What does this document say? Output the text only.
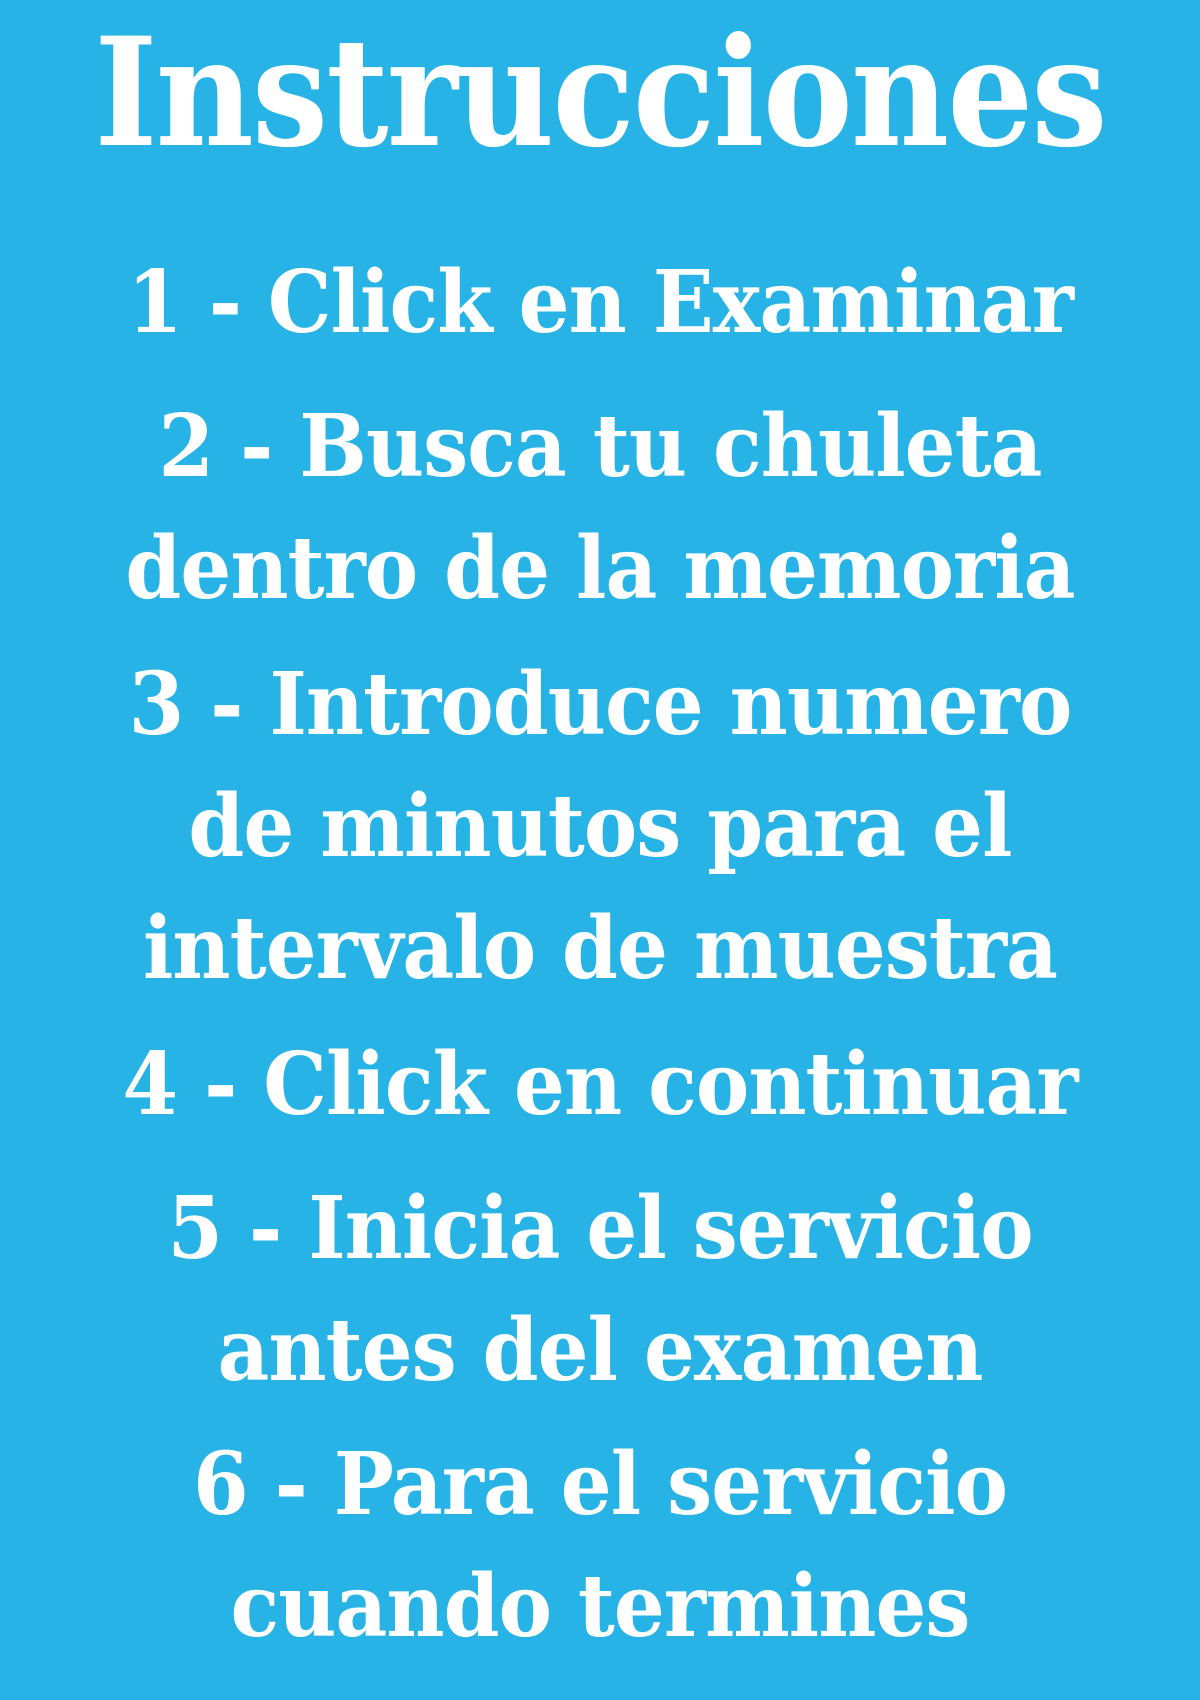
Instrucciones
1 - Click en Examinar
2 - Busca tu chuleta
dentro de la memoria
3 - Introduce numero
de minutos para el
intervalo de muestra
4 - Click en continuar
5 - Inicia el servicio
antes del examen
6 - Para el servicio
cuando termines
